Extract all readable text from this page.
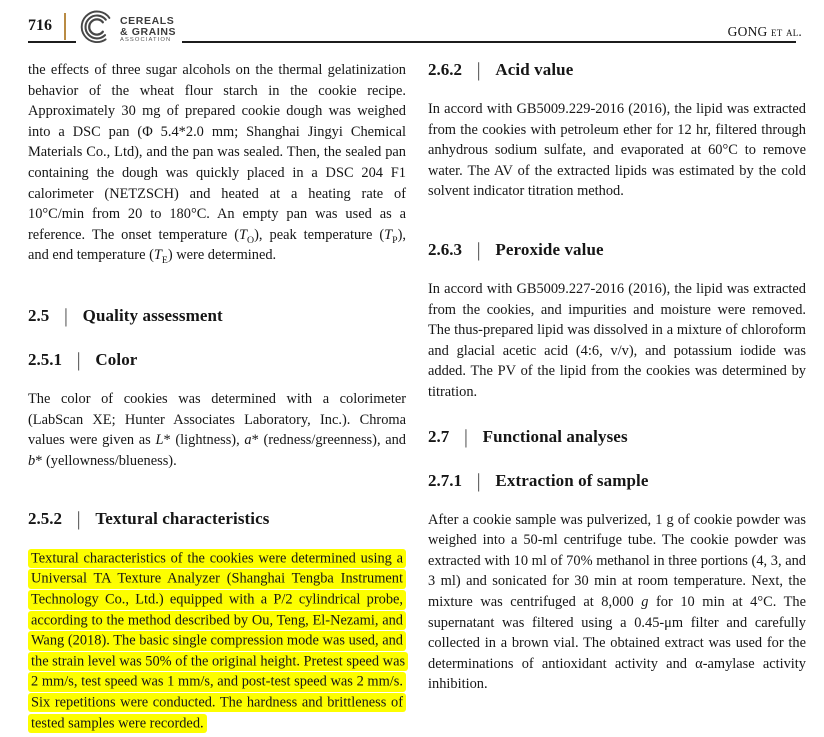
716	CEREALS
& GRAINS
ASSOCIATION
GONG et al.

the effects of three sugar alcohols on the thermal gelatinization behavior of the wheat flour starch in the cookie recipe. Approximately 30 mg of prepared cookie dough was weighed into a DSC pan (Φ 5.4*2.0 mm; Shanghai Jingyi Chemical Materials Co., Ltd), and the pan was sealed. Then, the sealed pan containing the dough was quickly placed in a DSC 204 F1 calorimeter (NETZSCH) and heated at a heating rate of 10°C/min from 20 to 180°C. An empty pan was used as a reference. The onset temperature $(T_O)$, peak temperature $(T_P)$, and end temperature $(T_E)$ were determined.

2.5 | Quality assessment
2.5.1 | Color

The color of cookies was determined with a colorimeter (LabScan XE; Hunter Associates Laboratory, Inc.). Chroma values were given as L* (lightness), a* (redness/greenness), and b* (yellowness/blueness).

2.5.2 | Textural characteristics

Textural characteristics of the cookies were determined using a Universal TA Texture Analyzer (Shanghai Tengba Instrument Technology Co., Ltd.) equipped with a P/2 cylindrical probe, according to the method described by Ou, Teng, El-Nezami, and Wang (2018). The basic single compression mode was used, and the strain level was 50% of the original height. Pretest speed was 2 mm/s, test speed was 1 mm/s, and post-test speed was 2 mm/s. Six repetitions were conducted. The hardness and brittleness of tested samples were recorded.

2.6.2 | Acid value

In accord with GB5009.229-2016 (2016), the lipid was extracted from the cookies with petroleum ether for 12 hr, filtered through anhydrous sodium sulfate, and evaporated at 60°C to remove water. The AV of the extracted lipids was estimated by the cold solvent indicator titration method.

2.6.3 | Peroxide value

In accord with GB5009.227-2016 (2016), the lipid was extracted from the cookies, and impurities and moisture were removed. The thus-prepared lipid was dissolved in a mixture of chloroform and glacial acetic acid (4:6, v/v), and potassium iodide was added. The PV of the lipid from the cookies was determined by titration.

2.7 | Functional analyses
2.7.1 | Extraction of sample

After a cookie sample was pulverized, 1 g of cookie powder was weighed into a 50-ml centrifuge tube. The cookie powder was extracted with 10 ml of 70% methanol in three portions (4, 3, and 3 ml) and sonicated for 30 min at room temperature. Next, the mixture was centrifuged at 8,000 g for 10 min at 4°C. The supernatant was filtered using a 0.45-μm filter and carefully collected in a brown vial. The obtained extract was used for the determinations of antioxidant activity and α-amylase activity inhibition.
